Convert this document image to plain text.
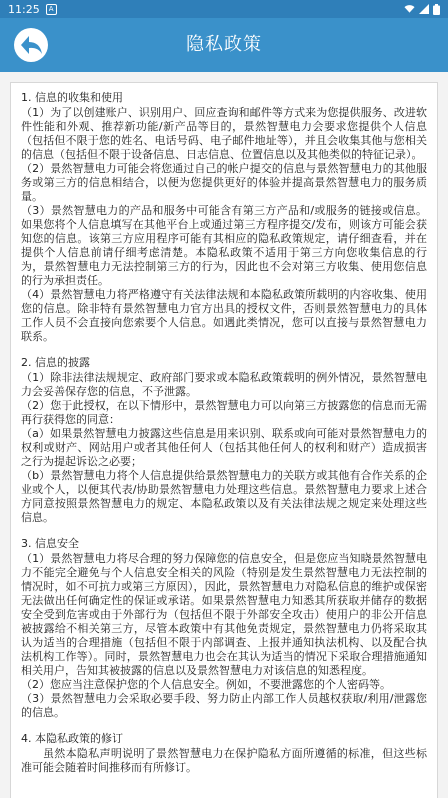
11:25	A
隐私政策
1. 信息的收集和使用
（1）为了以创建账户、识别用户、回应查询和邮件等方式来为您提供服务、改进软件性能和外观、推荐新功能/新产品等目的，景然智慧电力会要求您提供个人信息（包括但不限于您的姓名、电话号码、电子邮件地址等），并且会收集其他与您相关的信息（包括但不限于设备信息、日志信息、位置信息以及其他类似的特征记录）。
（2）景然智慧电力可能会将您通过自己的帐户提交的信息与景然智慧电力的其他服务或第三方的信息相结合，以便为您提供更好的体验并提高景然智慧电力的服务质量。
（3）景然智慧电力的产品和服务中可能含有第三方产品和/或服务的链接或信息。如果您将个人信息填写在其他平台上或通过第三方程序提交/发布，则该方可能会获知您的信息。该第三方应用程序可能有其相应的隐私政策规定，请仔细查看，并在提供个人信息前请仔细考虑清楚。本隐私政策不适用于第三方向您收集信息的行为，景然智慧电力无法控制第三方的行为，因此也不会对第三方收集、使用您信息的行为承担责任。
（4）景然智慧电力将严格遵守有关法律法规和本隐私政策所载明的内容收集、使用您的信息。除非特有景然智慧电力官方出具的授权文件，否则景然智慧电力的具体工作人员不会直接向您索要个人信息。如遇此类情况，您可以直接与景然智慧电力联系。
2. 信息的披露
（1）除非法律法规规定、政府部门要求或本隐私政策载明的例外情况，景然智慧电力会妥善保存您的信息，不予泄露。
（2）您于此授权，在以下情形中，景然智慧电力可以向第三方披露您的信息而无需再行获得您的同意：
（a）如果景然智慧电力披露这些信息是用来识别、联系或向可能对景然智慧电力的权利或财产、网站用户或者其他任何人（包括其他任何人的权利和财产）造成损害之行为提起诉讼之必要；
（b）景然智慧电力将个人信息提供给景然智慧电力的关联方或其他有合作关系的企业或个人，以便其代表/协助景然智慧电力处理这些信息。景然智慧电力要求上述合方同意按照景然智慧电力的规定、本隐私政策以及有关法律法规之规定来处理这些信息。
3. 信息安全
（1）景然智慧电力将尽合理的努力保障您的信息安全，但是您应当知晓景然智慧电力不能完全避免与个人信息安全相关的风险（特别是发生景然智慧电力无法控制的情况时，如不可抗力或第三方原因），因此，景然智慧电力对隐私信息的维护或保密无法做出任何确定性的保证或承诺。如果景然智慧电力知悉其所获取并储存的数据安全受到危害或由于外部行为（包括但不限于外部安全攻击）使用户的非公开信息被披露给不相关第三方，尽管本政策中有其他免责规定，景然智慧电力仍将采取其认为适当的合理措施（包括但不限于内部调查、上报并通知执法机构、以及配合执法机构工作等）。同时，景然智慧电力也会在其认为适当的情况下采取合理措施通知相关用户，告知其被披露的信息以及景然智慧电力对该信息的知悉程度。
（2）您应当注意保护您的个人信息安全。例如，不要泄露您的个人密码等。
（3）景然智慧电力会采取必要手段、努力防止内部工作人员越权获取/利用/泄露您的信息。
4. 本隐私政策的修订
虽然本隐私声明说明了景然智慧电力在保护隐私方面所遵循的标准，但这些标准可能会随着时间推移而有所修订。
